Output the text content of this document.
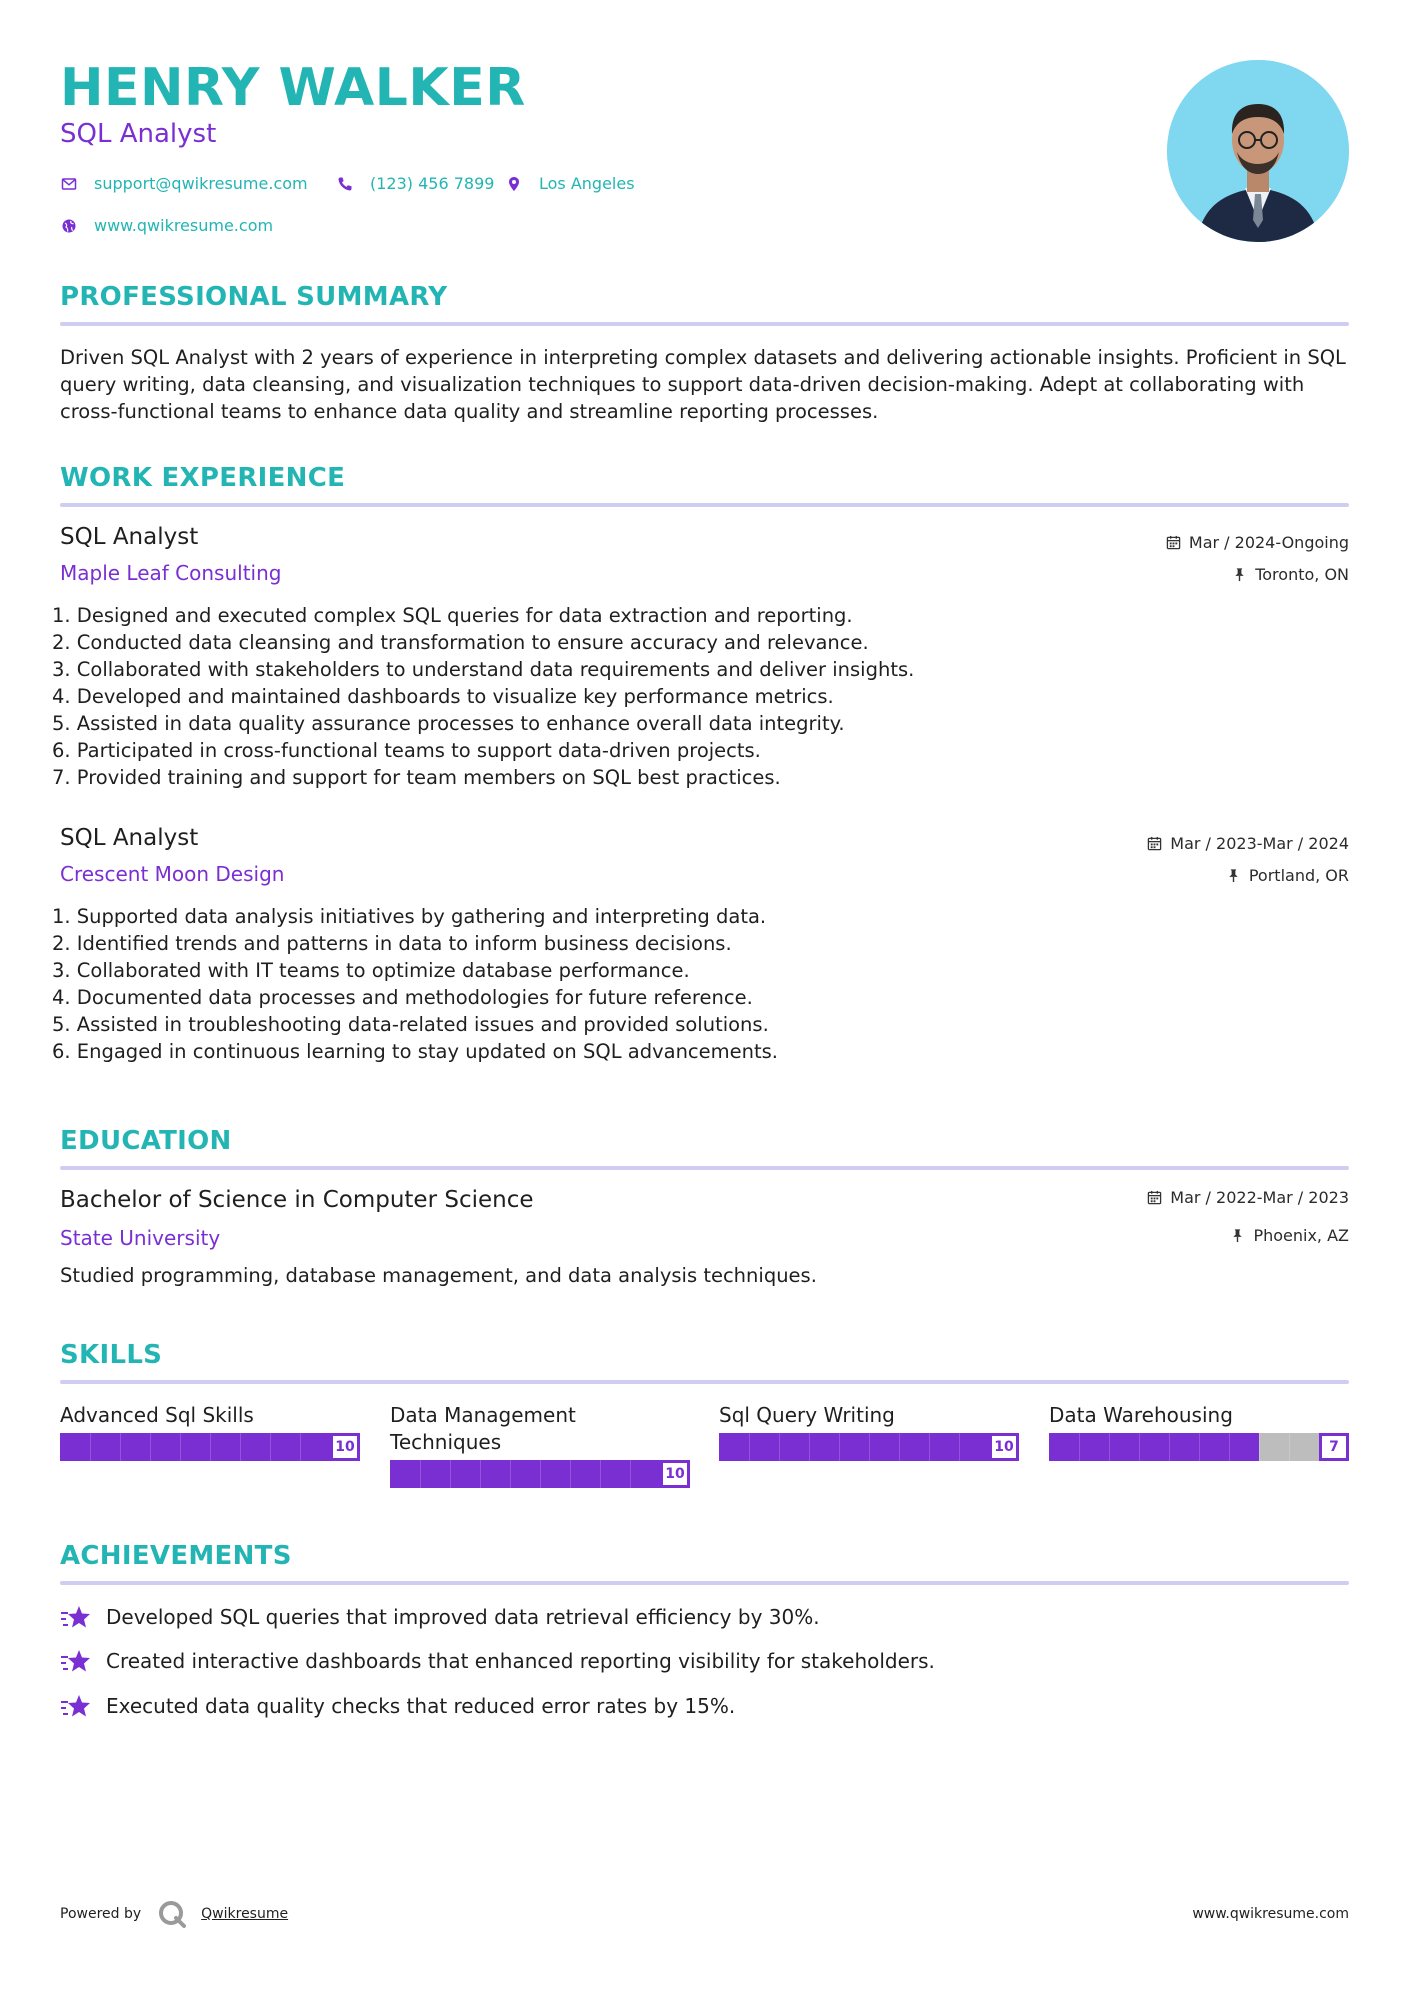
HENRY WALKER
SQL Analyst
support@qwikresume.com	(123) 456 7899	Los Angeles
www.qwikresume.com
PROFESSIONAL SUMMARY
Driven SQL Analyst with 2 years of experience in interpreting complex datasets and delivering actionable insights. Proficient in SQL query writing, data cleansing, and visualization techniques to support data-driven decision-making. Adept at collaborating with cross-functional teams to enhance data quality and streamline reporting processes.
WORK EXPERIENCE
SQL Analyst
Maple Leaf Consulting
Mar / 2024-Ongoing
Toronto, ON
1. Designed and executed complex SQL queries for data extraction and reporting.
2. Conducted data cleansing and transformation to ensure accuracy and relevance.
3. Collaborated with stakeholders to understand data requirements and deliver insights.
4. Developed and maintained dashboards to visualize key performance metrics.
5. Assisted in data quality assurance processes to enhance overall data integrity.
6. Participated in cross-functional teams to support data-driven projects.
7. Provided training and support for team members on SQL best practices.
SQL Analyst
Crescent Moon Design
Mar / 2023-Mar / 2024
Portland, OR
1. Supported data analysis initiatives by gathering and interpreting data.
2. Identified trends and patterns in data to inform business decisions.
3. Collaborated with IT teams to optimize database performance.
4. Documented data processes and methodologies for future reference.
5. Assisted in troubleshooting data-related issues and provided solutions.
6. Engaged in continuous learning to stay updated on SQL advancements.
EDUCATION
Bachelor of Science in Computer Science
State University
Mar / 2022-Mar / 2023
Phoenix, AZ
Studied programming, database management, and data analysis techniques.
SKILLS
Advanced Sql Skills
10
Data Management Techniques
10
Sql Query Writing
10
Data Warehousing
7
ACHIEVEMENTS
Developed SQL queries that improved data retrieval efficiency by 30%.
Created interactive dashboards that enhanced reporting visibility for stakeholders.
Executed data quality checks that reduced error rates by 15%.
Powered by	Qwikresume	www.qwikresume.com
